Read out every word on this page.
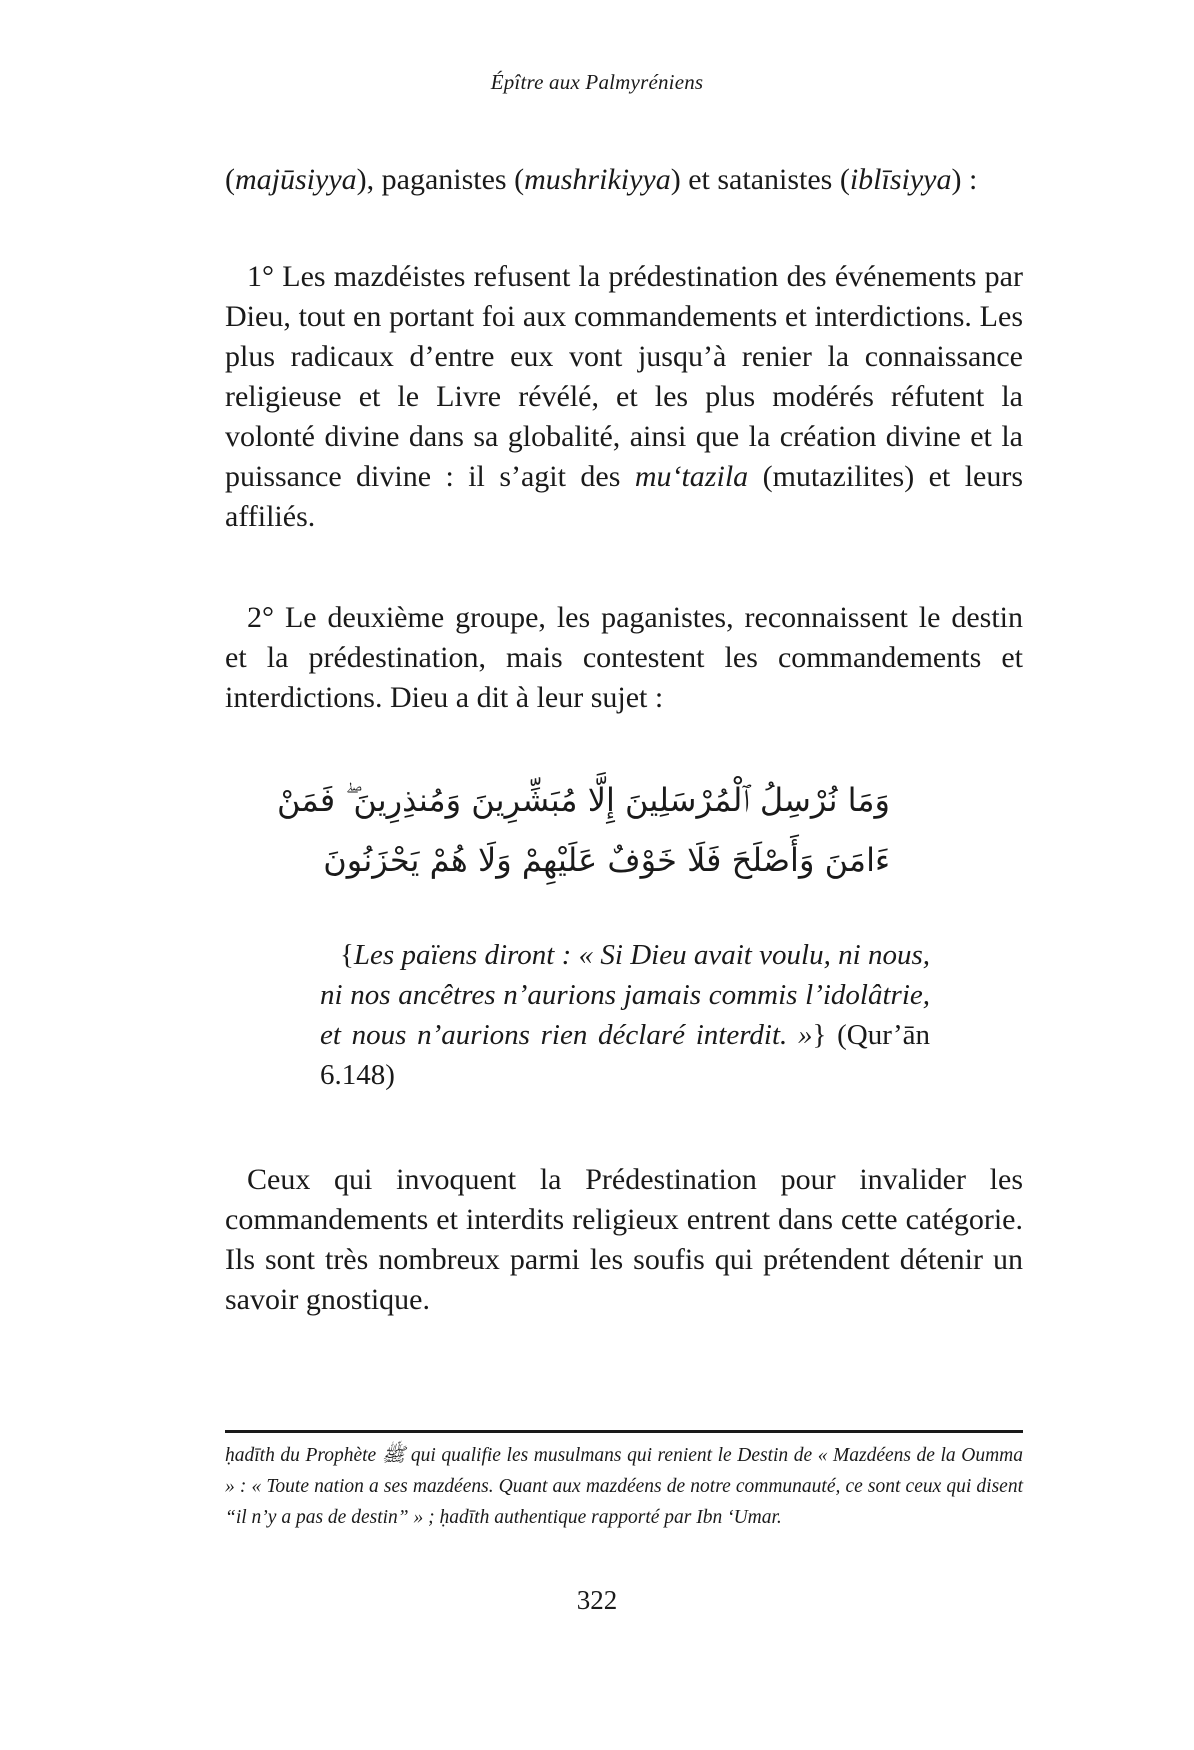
Épître aux Palmyréniens
(majūsiyya), paganistes (mushrikiyya) et satanistes (iblīsiyya) :
1° Les mazdéistes refusent la prédestination des événements par Dieu, tout en portant foi aux commandements et interdictions. Les plus radicaux d’entre eux vont jusqu’à renier la connaissance religieuse et le Livre révélé, et les plus modérés réfutent la volonté divine dans sa globalité, ainsi que la création divine et la puissance divine : il s’agit des mu‘tazila (mutazilites) et leurs affiliés.
2° Le deuxième groupe, les paganistes, reconnaissent le destin et la prédestination, mais contestent les commandements et interdictions. Dieu a dit à leur sujet :
وَمَا نُرْسِلُ ٱلْمُرْسَلِينَ إِلَّا مُبَشِّرِينَ وَمُنذِرِينَ ۖ فَمَنْ
ءَامَنَ وَأَصْلَحَ فَلَا خَوْفٌ عَلَيْهِمْ وَلَا هُمْ يَحْزَنُونَ
{Les païens diront : « Si Dieu avait voulu, ni nous, ni nos ancêtres n’aurions jamais commis l’idolâtrie, et nous n’aurions rien déclaré interdit. »} (Qur’ān 6.148)
Ceux qui invoquent la Prédestination pour invalider les commandements et interdits religieux entrent dans cette catégorie. Ils sont très nombreux parmi les soufis qui prétendent détenir un savoir gnostique.
ḥadīth du Prophète ﷺ qui qualifie les musulmans qui renient le Destin de « Mazdéens de la Oumma » : « Toute nation a ses mazdéens. Quant aux mazdéens de notre communauté, ce sont ceux qui disent “il n’y a pas de destin” » ; ḥadīth authentique rapporté par Ibn ‘Umar.
322
